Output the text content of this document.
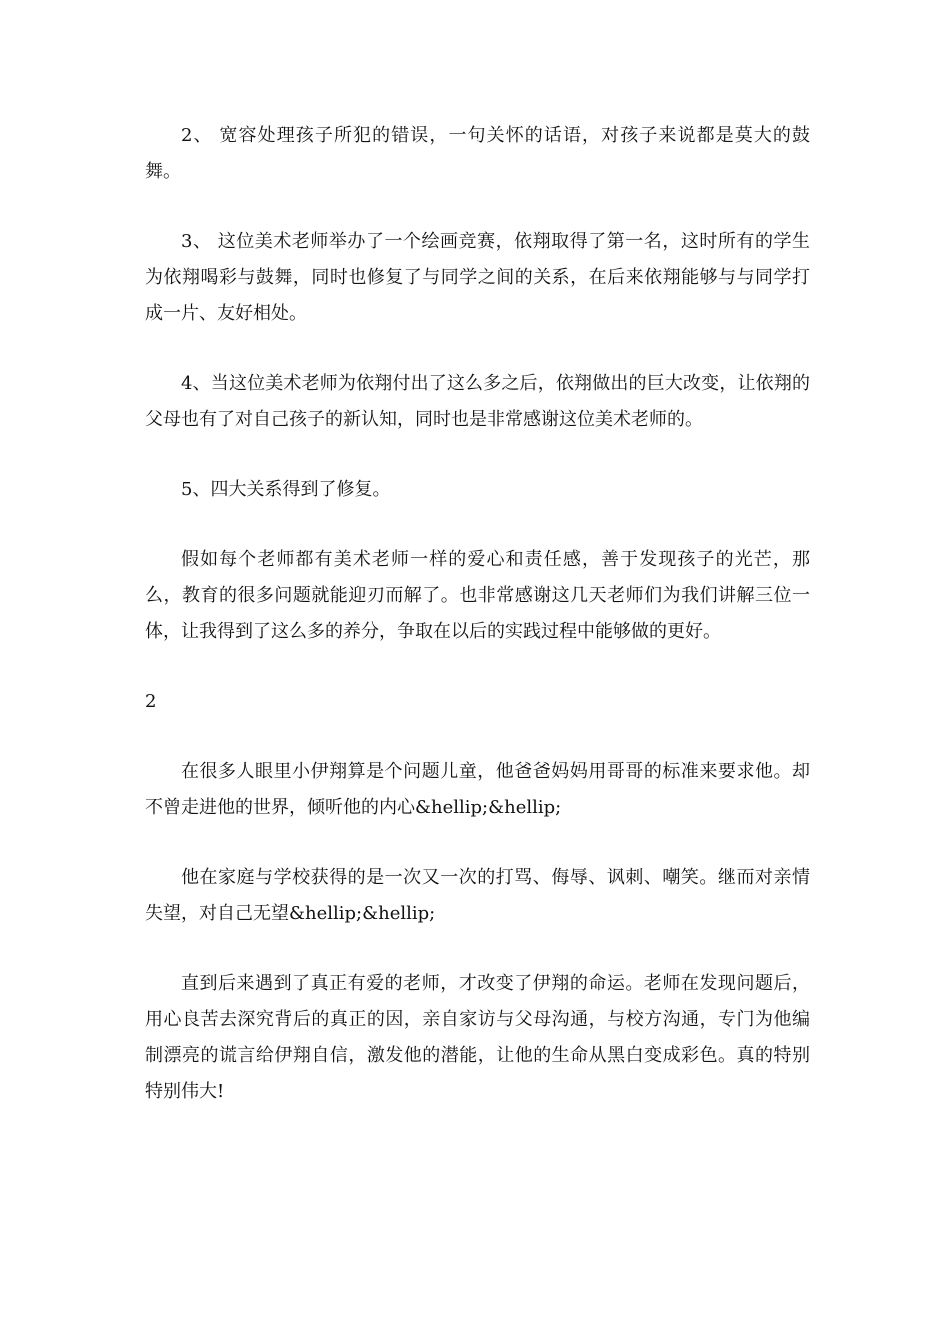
2、 宽容处理孩子所犯的错误，一句关怀的话语，对孩子来说都是莫大的鼓舞。

3、 这位美术老师举办了一个绘画竞赛，依翔取得了第一名，这时所有的学生为依翔喝彩与鼓舞，同时也修复了与同学之间的关系，在后来依翔能够与与同学打成一片、友好相处。

4、当这位美术老师为依翔付出了这么多之后，依翔做出的巨大改变，让依翔的父母也有了对自己孩子的新认知，同时也是非常感谢这位美术老师的。

5、四大关系得到了修复。

假如每个老师都有美术老师一样的爱心和责任感，善于发现孩子的光芒，那么，教育的很多问题就能迎刃而解了。也非常感谢这几天老师们为我们讲解三位一体，让我得到了这么多的养分，争取在以后的实践过程中能够做的更好。

2

在很多人眼里小伊翔算是个问题儿童，他爸爸妈妈用哥哥的标准来要求他。却不曾走进他的世界，倾听他的内心&hellip;&hellip;

他在家庭与学校获得的是一次又一次的打骂、侮辱、讽刺、嘲笑。继而对亲情失望，对自己无望&hellip;&hellip;

直到后来遇到了真正有爱的老师，才改变了伊翔的命运。老师在发现问题后，用心良苦去深究背后的真正的因，亲自家访与父母沟通，与校方沟通，专门为他编制漂亮的谎言给伊翔自信，激发他的潜能，让他的生命从黑白变成彩色。真的特别特别伟大!
